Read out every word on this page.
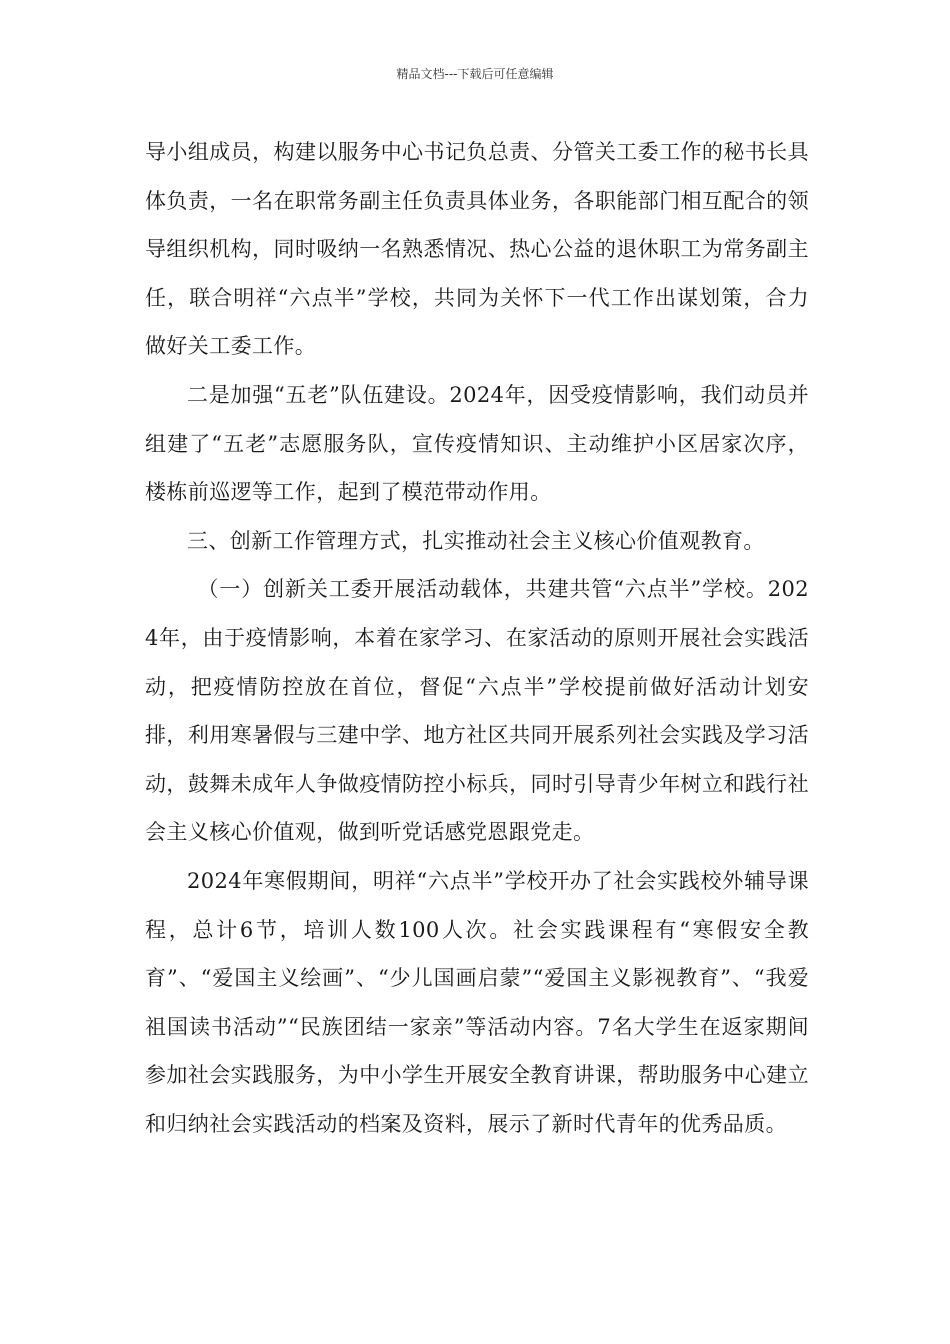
精品文档---下载后可任意编辑

导小组成员，构建以服务中心书记负总责、分管关工委工作的秘书长具体负责，一名在职常务副主任负责具体业务，各职能部门相互配合的领导组织机构，同时吸纳一名熟悉情况、热心公益的退休职工为常务副主任，联合明祥“六点半”学校，共同为关怀下一代工作出谋划策，合力做好关工委工作。

二是加强“五老”队伍建设。2024年，因受疫情影响，我们动员并组建了“五老”志愿服务队，宣传疫情知识、主动维护小区居家次序，楼栋前巡逻等工作，起到了模范带动作用。

三、创新工作管理方式，扎实推动社会主义核心价值观教育。

（一）创新关工委开展活动载体，共建共管“六点半”学校。2024年，由于疫情影响，本着在家学习、在家活动的原则开展社会实践活动，把疫情防控放在首位，督促“六点半”学校提前做好活动计划安排，利用寒暑假与三建中学、地方社区共同开展系列社会实践及学习活动，鼓舞未成年人争做疫情防控小标兵，同时引导青少年树立和践行社会主义核心价值观，做到听党话感党恩跟党走。

2024年寒假期间，明祥“六点半”学校开办了社会实践校外辅导课程，总计6节，培训人数100人次。社会实践课程有“寒假安全教育”、“爱国主义绘画”、“少儿国画启蒙”“爱国主义影视教育”、“我爱祖国读书活动”“民族团结一家亲”等活动内容。7名大学生在返家期间参加社会实践服务，为中小学生开展安全教育讲课，帮助服务中心建立和归纳社会实践活动的档案及资料，展示了新时代青年的优秀品质。
